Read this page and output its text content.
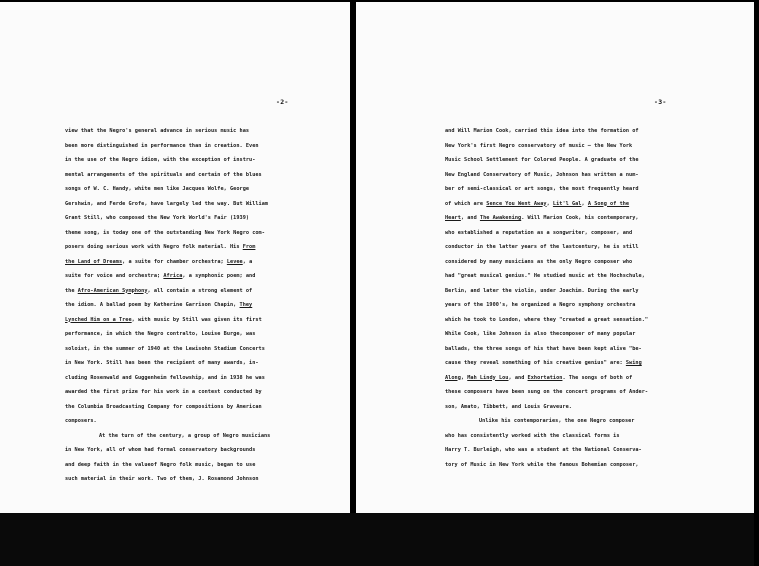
-2-	-3-
view that the Negro's general advance in serious music has
been more distinguished in performance than in creation. Even
in the use of the Negro idiom, with the exception of instru-
mental arrangements of the spirituals and certain of the blues
songs of W. C. Handy, white men like Jacques Wolfe, George
Gershwin, and Ferde Grofe, have largely led the way. But William
Grant Still, who composed the New York World's Fair (1939)
theme song, is today one of the outstanding New York Negro com-
posers doing serious work with Negro folk material. His From
the Land of Dreams, a suite for chamber orchestra; Levee, a
suite for voice and orchestra; Africa, a symphonic poem; and
the Afro-American Symphony, all contain a strong element of
the idiom. A ballad poem by Katherine Garrison Chapin, They
Lynched Him on a Tree, with music by Still was given its first
performance, in which the Negro contralto, Louise Burge, was
soloist, in the summer of 1940 at the Lewisohn Stadium Concerts
in New York. Still has been the recipient of many awards, in-
cluding Rosenwald and Guggenheim fellowship, and in 1938 he was
awarded the first prize for his work in a contest conducted by
the Columbia Broadcasting Company for compositions by American
composers.
At the turn of the century, a group of Negro musicians
in New York, all of whom had formal conservatory backgrounds
and deep faith in the valueof Negro folk music, began to use
such material in their work. Two of them, J. Rosamond Johnson
and Will Marion Cook, carried this idea into the formation of
New York's first Negro conservatory of music — the New York
Music School Settlement for Colored People. A graduate of the
New England Conservatory of Music, Johnson has written a num-
ber of semi-classical or art songs, the most frequently heard
of which are Sence You Went Away, Lit'l Gal, A Song of the
Heart, and The Awakening. Will Marion Cook, his contemporary,
who established a reputation as a songwriter, composer, and
conductor in the latter years of the lastcentury, he is still
considered by many musicians as the only Negro composer who
had "great musical genius." He studied music at the Hochschule,
Berlin, and later the violin, under Joachim. During the early
years of the 1900's, he organized a Negro symphony orchestra
which he took to London, where they "created a great sensation."
While Cook, like Johnson is also thecomposer of many popular
ballads, the three songs of his that have been kept alive "be-
cause they reveal something of his creative genius" are: Swing
Along, Mah Lindy Lou, and Exhortation. The songs of both of
these composers have been sung on the concert programs of Ander-
son, Amato, Tibbett, and Louis Graveure.
Unlike his contemporaries, the one Negro composer
who has consistently worked with the classical forms is
Harry T. Burleigh, who was a student at the National Conserva-
tory of Music in New York while the famous Bohemian composer,
